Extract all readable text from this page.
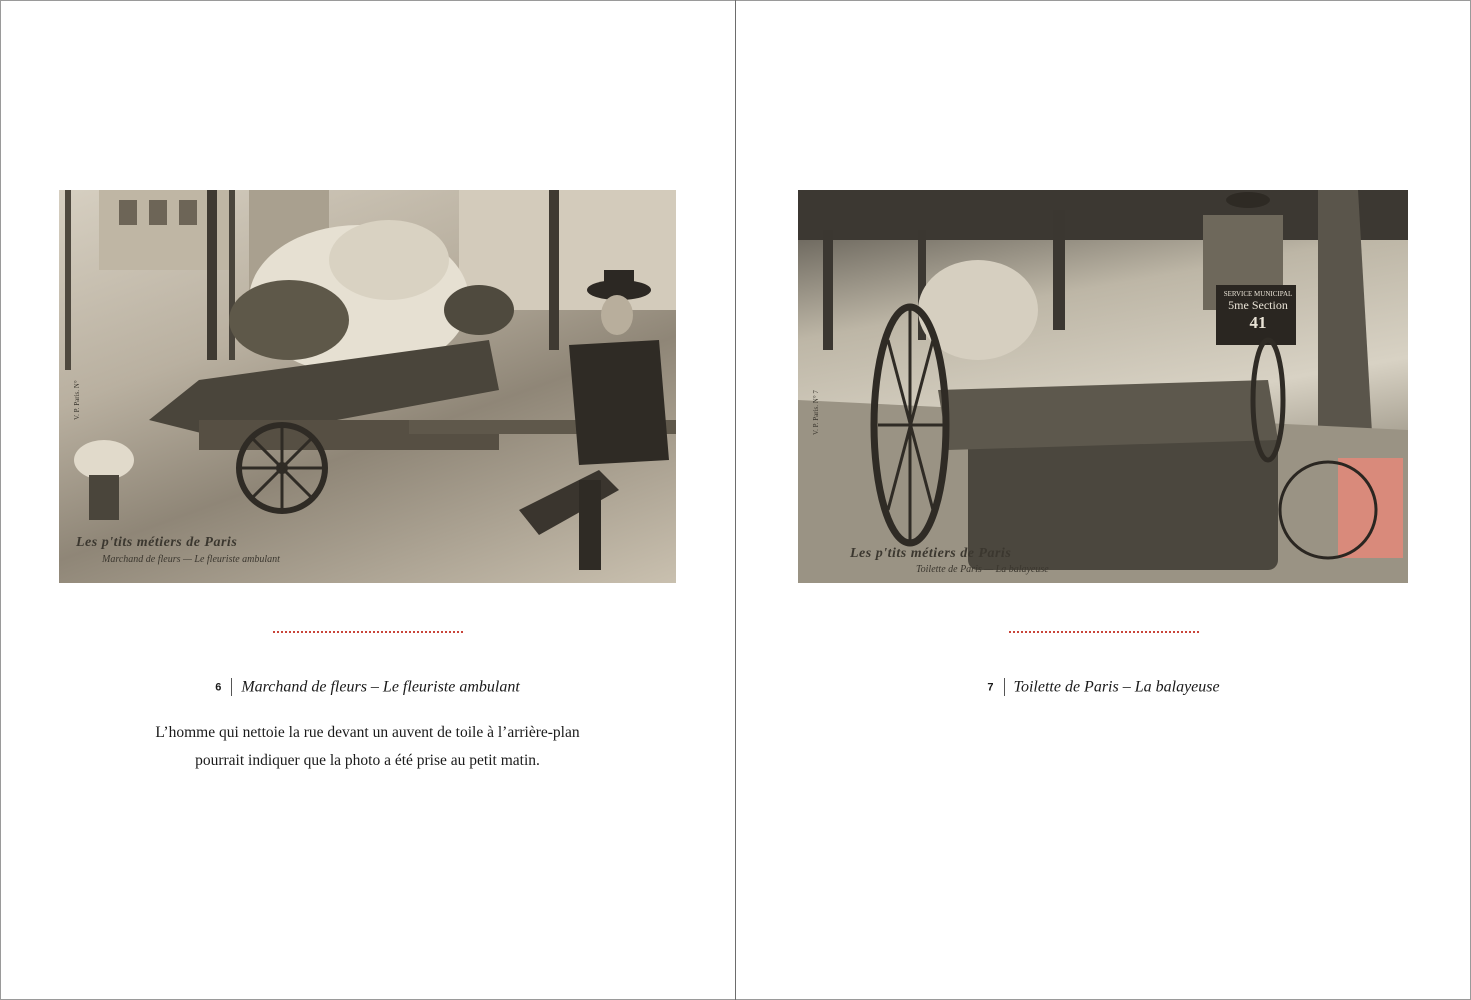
V. P. Paris. N°
Les p'tits métiers de Paris
Marchand de fleurs — Le fleuriste ambulant
6 Marchand de fleurs – Le fleuriste ambulant
L’homme qui nettoie la rue devant un auvent de toile à l’arrière-plan
pourrait indiquer que la photo a été prise au petit matin.
V. P. Paris. N° 7
SERVICE MUNICIPAL
5me Section
41
Les p'tits métiers de Paris
Toilette de Paris — La balayeuse
7 Toilette de Paris – La balayeuse
